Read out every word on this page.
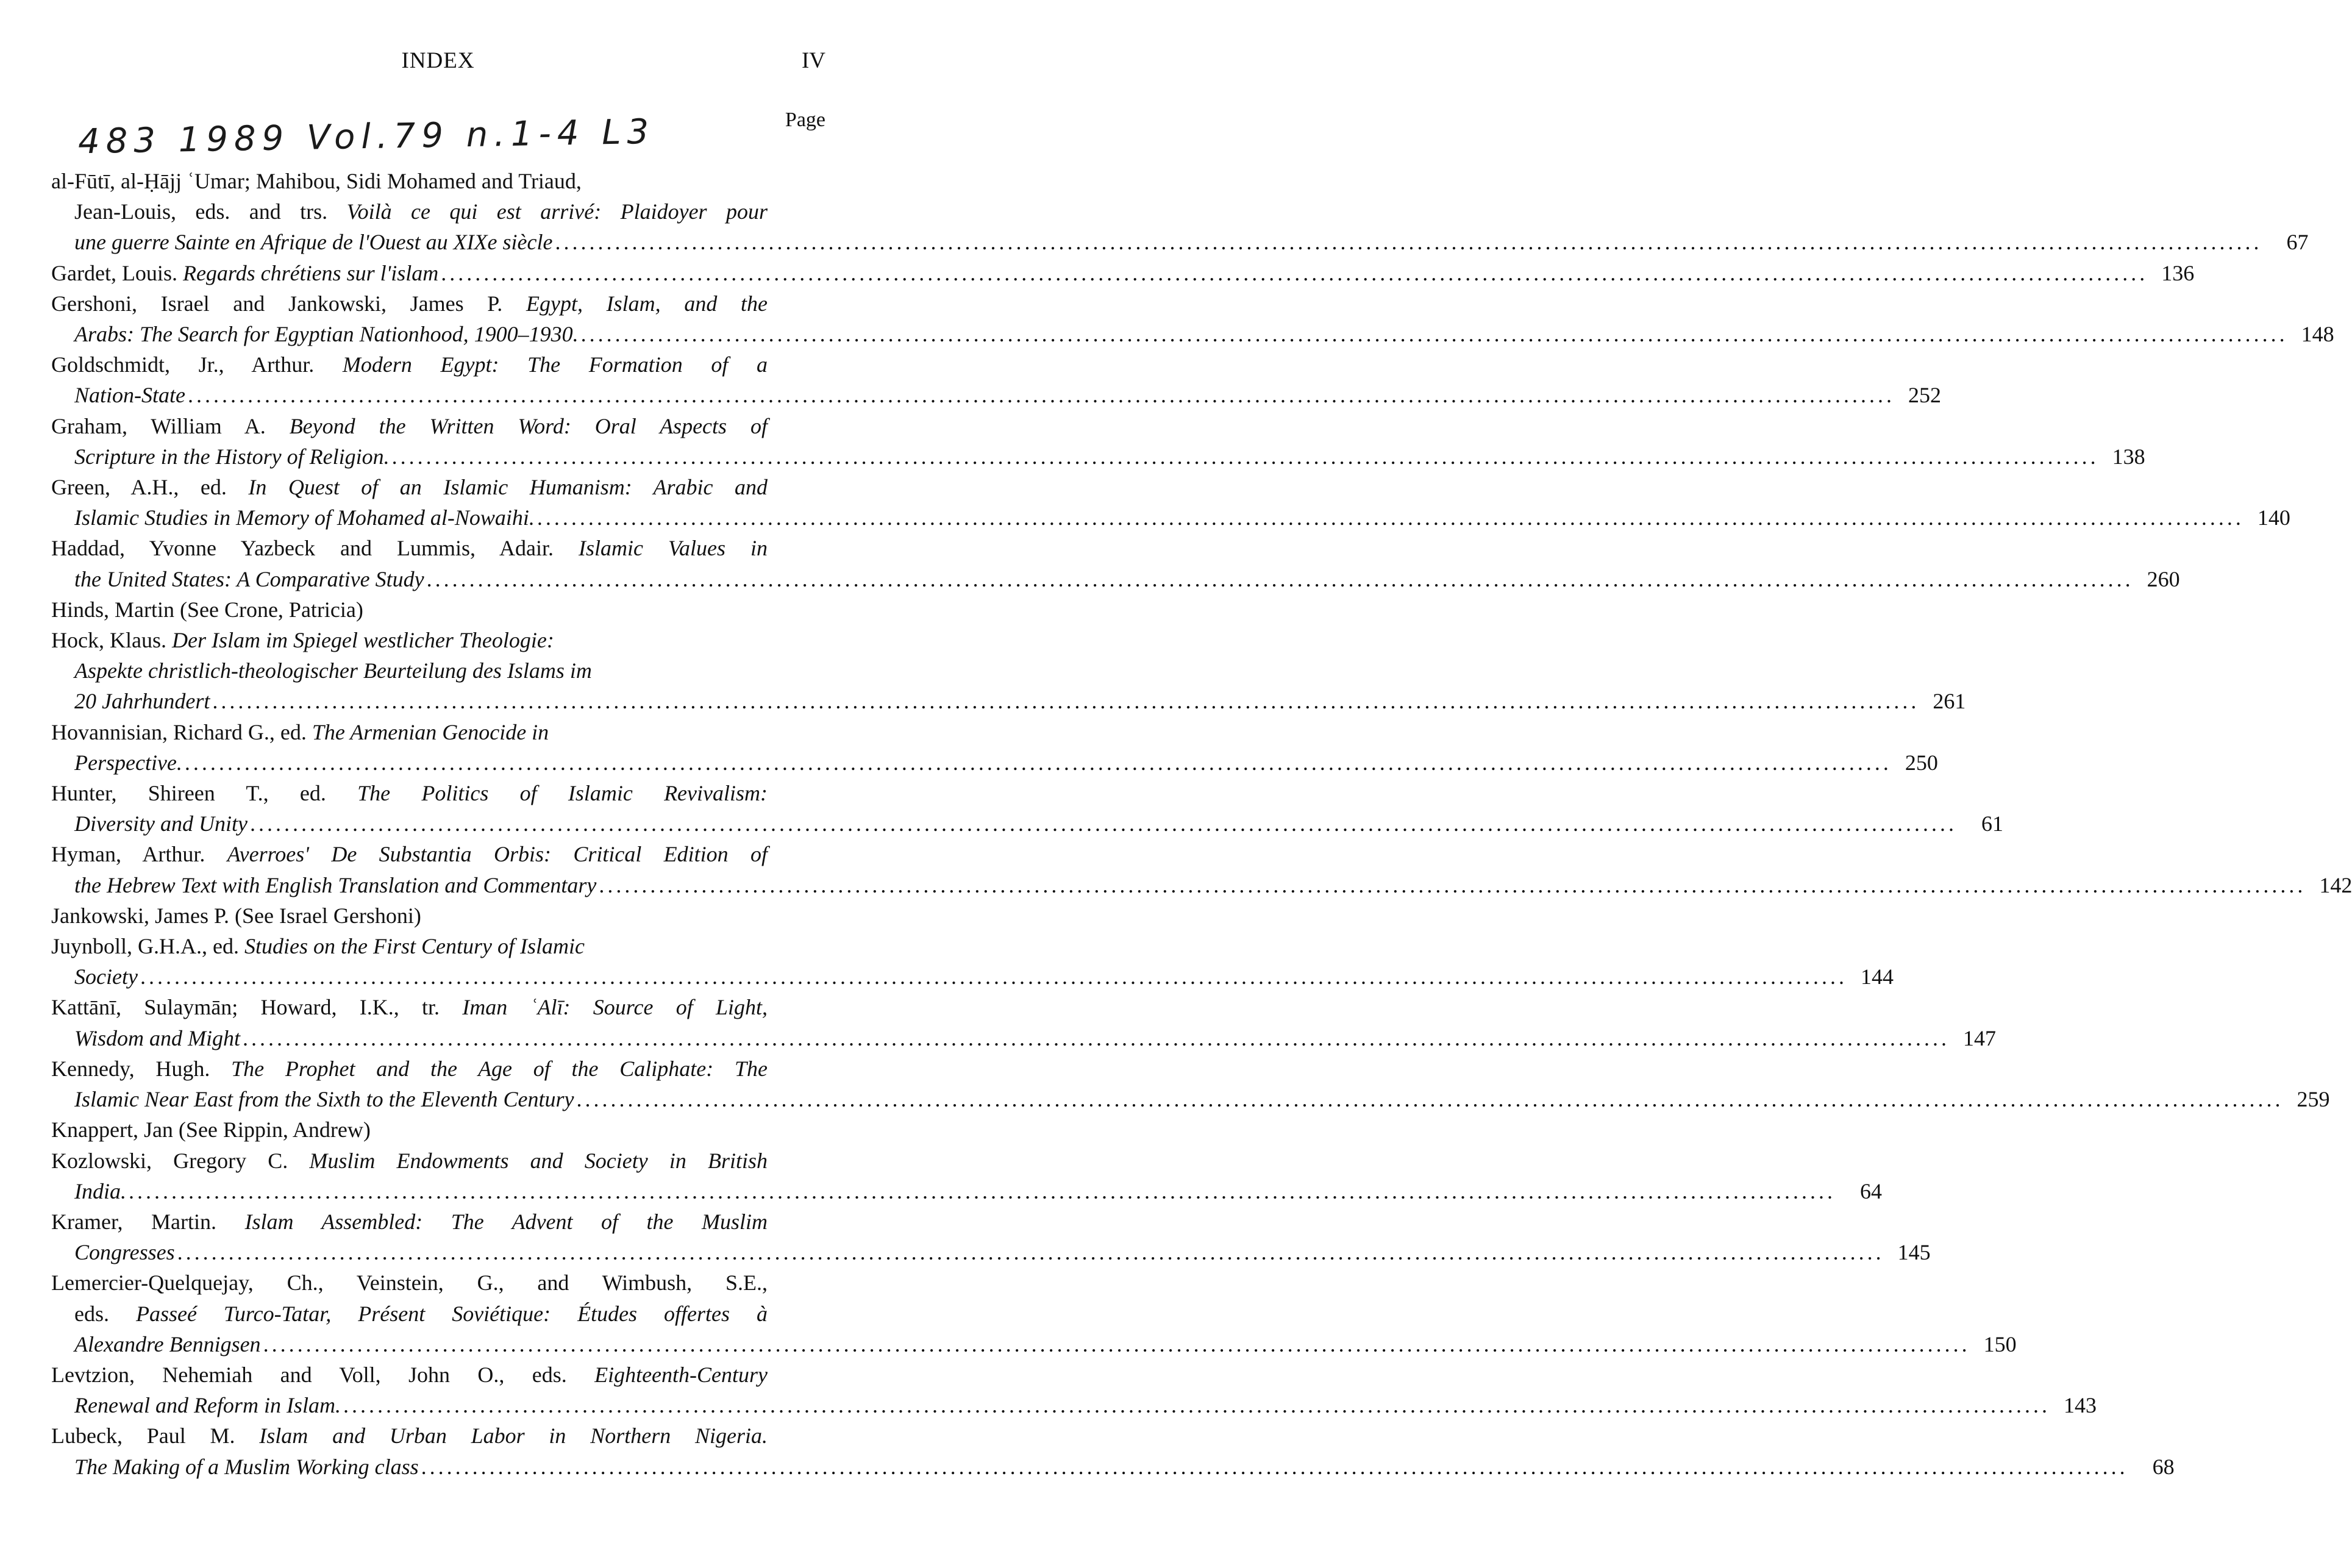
INDEX	IV
483 1989 Vol.79 n.1-4 L3	Page
al-Fūtī, al-Ḥājj ʿUmar; Mahibou, Sidi Mohamed and Triaud,
Jean-Louis, eds. and trs. Voilà ce qui est arrivé: Plaidoyer pour
une guerre Sainte en Afrique de l'Ouest au XIXe siècle ........................................................................................................................................................................................................	67
Gardet, Louis. Regards chrétiens sur l'islam ........................................................................................................................................................................................................ 136
Gershoni, Israel and Jankowski, James P. Egypt, Islam, and the
Arabs: The Search for Egyptian Nationhood, 1900–1930. ........................................................................................................................................................................................................ 148
Goldschmidt, Jr., Arthur. Modern Egypt: The Formation of a
Nation-State ........................................................................................................................................................................................................ 252
Graham, William A. Beyond the Written Word: Oral Aspects of
Scripture in the History of Religion. ........................................................................................................................................................................................................ 138
Green, A.H., ed. In Quest of an Islamic Humanism: Arabic and
Islamic Studies in Memory of Mohamed al-Nowaihi. ........................................................................................................................................................................................................ 140
Haddad, Yvonne Yazbeck and Lummis, Adair. Islamic Values in
the United States: A Comparative Study ........................................................................................................................................................................................................ 260
Hinds, Martin (See Crone, Patricia)
Hock, Klaus. Der Islam im Spiegel westlicher Theologie:
Aspekte christlich-theologischer Beurteilung des Islams im
20 Jahrhundert ........................................................................................................................................................................................................ 261
Hovannisian, Richard G., ed. The Armenian Genocide in
Perspective. ........................................................................................................................................................................................................ 250
Hunter, Shireen T., ed. The Politics of Islamic Revivalism:
Diversity and Unity ........................................................................................................................................................................................................	61
Hyman, Arthur. Averroes' De Substantia Orbis: Critical Edition of
the Hebrew Text with English Translation and Commentary ........................................................................................................................................................................................................ 142
Jankowski, James P. (See Israel Gershoni)
Juynboll, G.H.A., ed. Studies on the First Century of Islamic
Society ........................................................................................................................................................................................................ 144
Kattānī, Sulaymān; Howard, I.K., tr. Iman ʿAlī: Source of Light,
Wisdom and Might ........................................................................................................................................................................................................ 147
Kennedy, Hugh. The Prophet and the Age of the Caliphate: The
Islamic Near East from the Sixth to the Eleventh Century ........................................................................................................................................................................................................ 259
Knappert, Jan (See Rippin, Andrew)
Kozlowski, Gregory C. Muslim Endowments and Society in British
India. ........................................................................................................................................................................................................	64
Kramer, Martin. Islam Assembled: The Advent of the Muslim
Congresses ........................................................................................................................................................................................................ 145
Lemercier-Quelquejay, Ch., Veinstein, G., and Wimbush, S.E.,
eds. Passeé Turco-Tatar, Présent Soviétique: Études offertes à
Alexandre Bennigsen ........................................................................................................................................................................................................ 150
Levtzion, Nehemiah and Voll, John O., eds. Eighteenth-Century
Renewal and Reform in Islam. ........................................................................................................................................................................................................ 143
Lubeck, Paul M. Islam and Urban Labor in Northern Nigeria.
The Making of a Muslim Working class ........................................................................................................................................................................................................	68
